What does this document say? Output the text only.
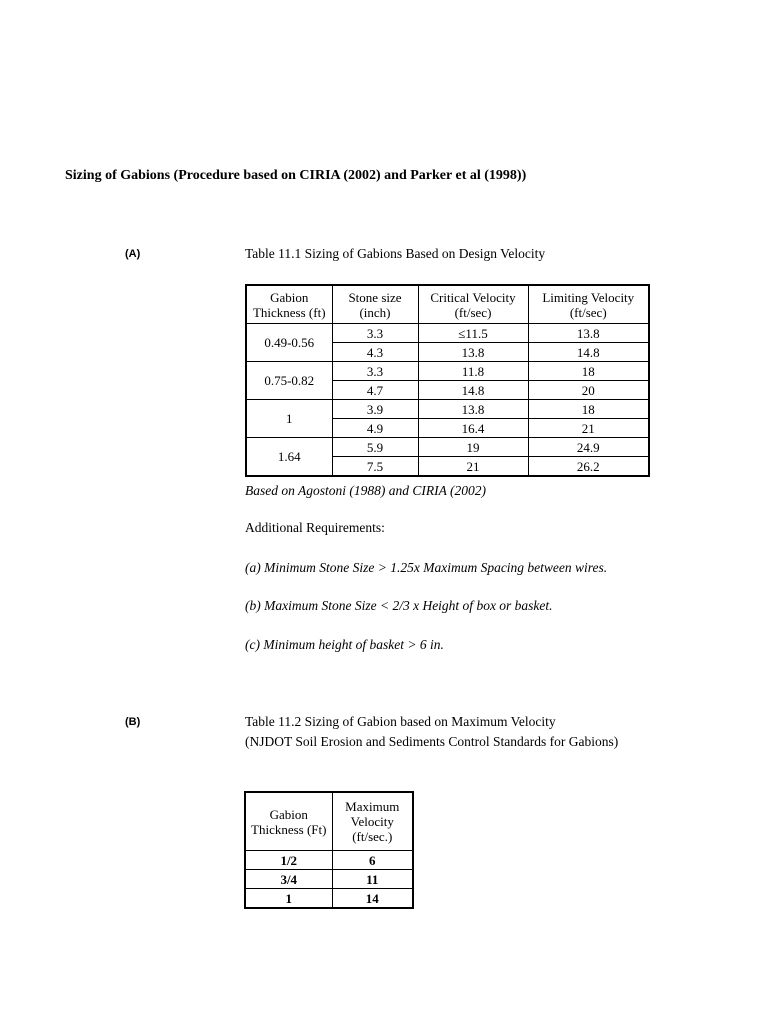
Sizing of Gabions (Procedure based on CIRIA (2002) and Parker et al (1998))
(A)	Table 11.1 Sizing of Gabions Based on Design Velocity
Gabion Thickness (ft)	Stone size (inch)	Critical Velocity (ft/sec)	Limiting Velocity (ft/sec)
0.49-0.56	3.3	≤11.5	13.8
	4.3	13.8	14.8
0.75-0.82	3.3	11.8	18
	4.7	14.8	20
1	3.9	13.8	18
	4.9	16.4	21
1.64	5.9	19	24.9
	7.5	21	26.2
Based on Agostoni (1988) and CIRIA (2002)
Additional Requirements:
(a) Minimum Stone Size > 1.25x Maximum Spacing between wires.
(b) Maximum Stone Size < 2/3 x Height of box or basket.
(c) Minimum height of basket > 6 in.
(B)	Table 11.2 Sizing of Gabion based on Maximum Velocity
(NJDOT Soil Erosion and Sediments Control Standards for Gabions)
Gabion Thickness (Ft)	Maximum Velocity (ft/sec.)
1/2	6
3/4	11
1	14
